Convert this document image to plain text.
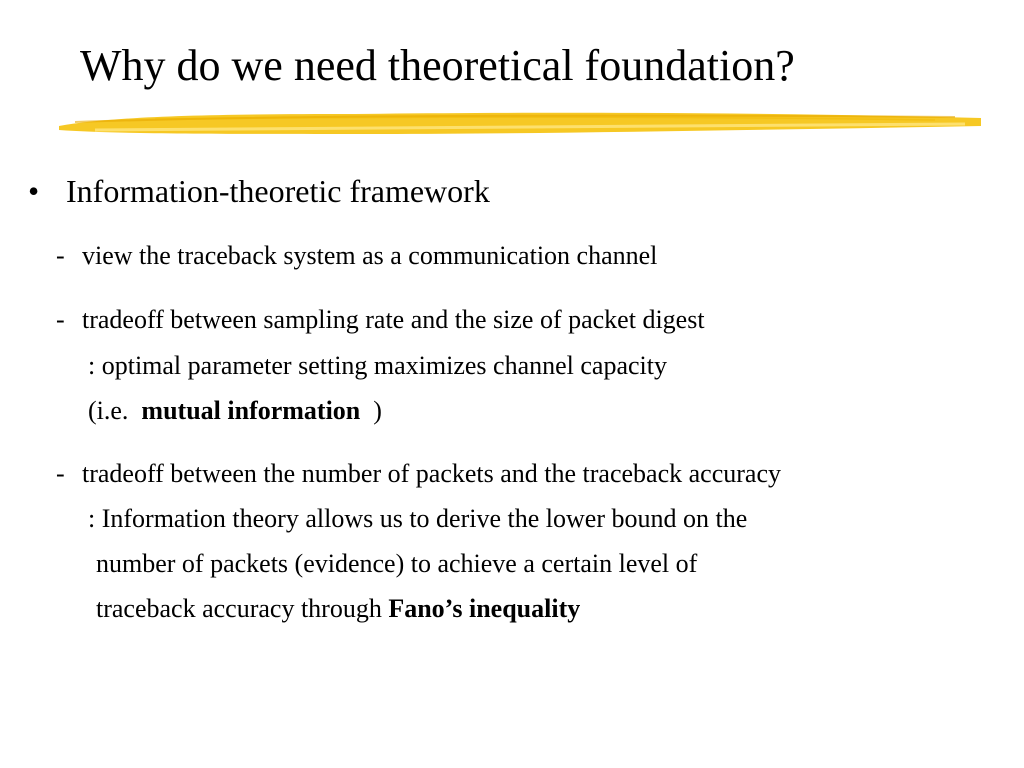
Why do we need theoretical foundation?
• Information-theoretic framework
- view the traceback system as a communication channel
- tradeoff between sampling rate and the size of packet digest
: optimal parameter setting maximizes channel capacity
(i.e. mutual information )
- tradeoff between the number of packets and the traceback accuracy
: Information theory allows us to derive the lower bound on the
number of packets (evidence) to achieve a certain level of
traceback accuracy through Fano’s inequality
